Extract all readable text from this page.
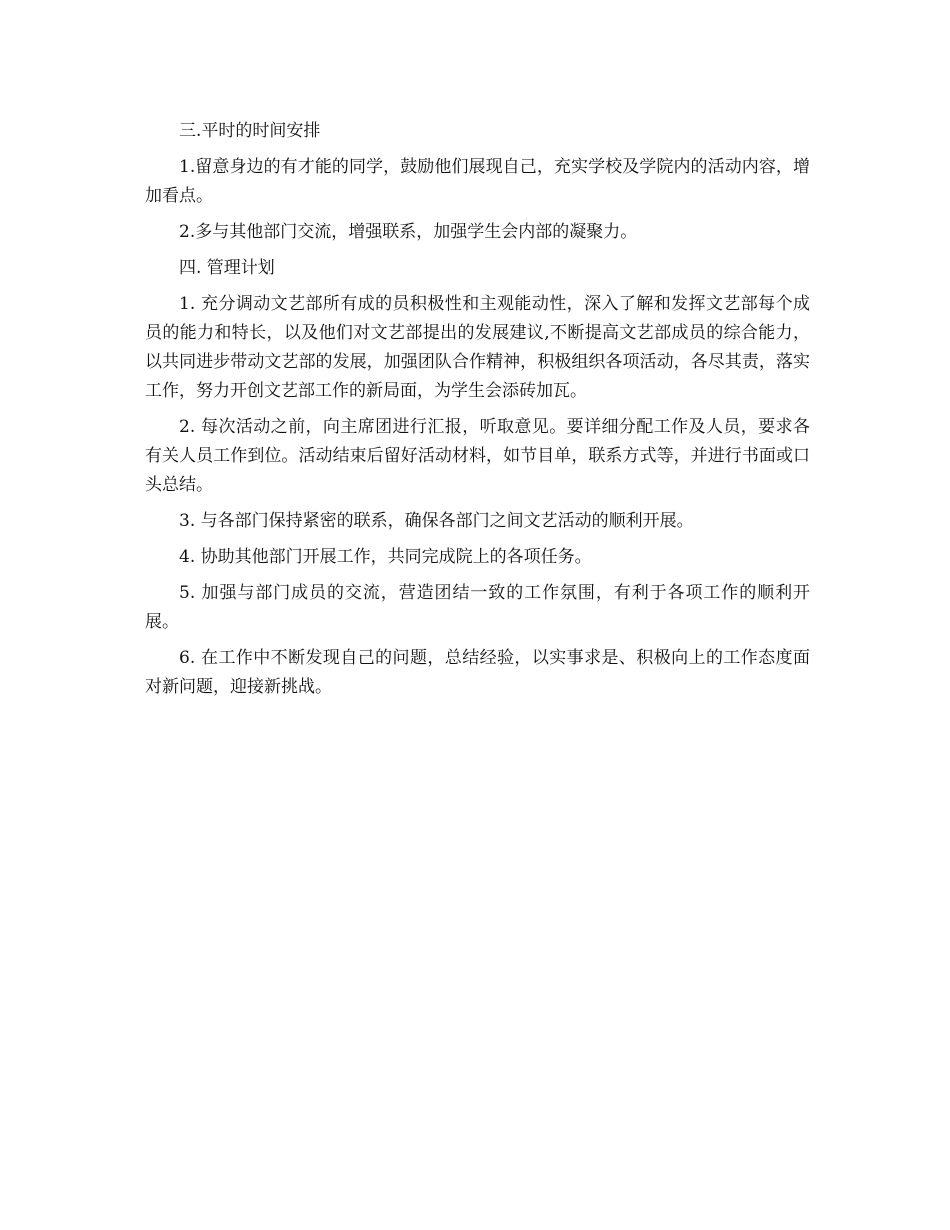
三.平时的时间安排

1.留意身边的有才能的同学，鼓励他们展现自己，充实学校及学院内的活动内容，增加看点。

2.多与其他部门交流，增强联系，加强学生会内部的凝聚力。

四. 管理计划

1. 充分调动文艺部所有成的员积极性和主观能动性，深入了解和发挥文艺部每个成员的能力和特长，以及他们对文艺部提出的发展建议,不断提高文艺部成员的综合能力，以共同进步带动文艺部的发展，加强团队合作精神，积极组织各项活动，各尽其责，落实工作，努力开创文艺部工作的新局面，为学生会添砖加瓦。

2. 每次活动之前，向主席团进行汇报，听取意见。要详细分配工作及人员，要求各有关人员工作到位。活动结束后留好活动材料，如节目单，联系方式等，并进行书面或口头总结。

3. 与各部门保持紧密的联系，确保各部门之间文艺活动的顺利开展。

4. 协助其他部门开展工作，共同完成院上的各项任务。

5. 加强与部门成员的交流，营造团结一致的工作氛围，有利于各项工作的顺利开展。

6. 在工作中不断发现自己的问题，总结经验，以实事求是、积极向上的工作态度面对新问题，迎接新挑战。
